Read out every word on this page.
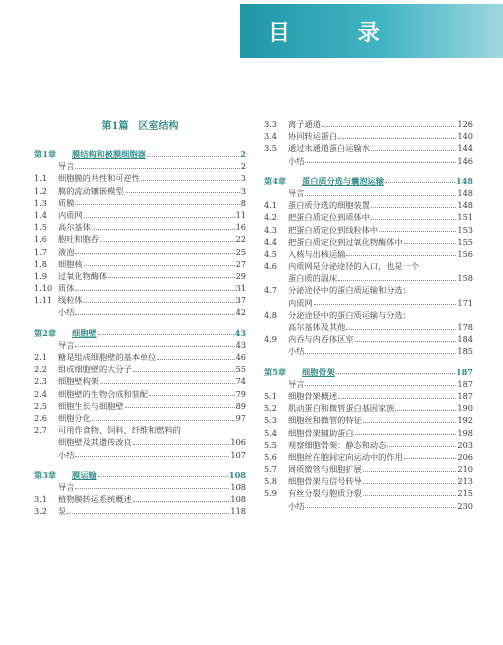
目 录
第1篇　区室结构
第1章	膜结构和被膜细胞器	2
导言	2
1.1	细胞膜的共性和可逆性	3
1.2	膜的流动镶嵌模型	3
1.3	质膜	8
1.4	内质网	11
1.5	高尔基体	16
1.6	胞吐和胞吞	22
1.7	液泡	25
1.8	细胞核	27
1.9	过氧化物酶体	29
1.10 质体	31
1.11 线粒体	37
小结	42
第2章	细胞壁	43
导言	43
2.1	糖是组成细胞壁的基本单位	46
2.2	组成细胞壁的大分子	55
2.3	细胞壁构架	74
2.4	细胞壁的生物合成和装配	79
2.5	细胞生长与细胞壁	89
2.6	细胞分化	97
2.7	可用作食物、饲料、纤维和燃料的
细胞壁及其遗传改良	106
小结	107
第3章	膜运输	108
导言	108
3.1	植物膜转运系统概述	108
3.2	泵	118
3.3	离子通道	126
3.4	协同转运蛋白	140
3.5	通过水通道蛋白运输水	144
小结	146
第4章	蛋白质分选与囊泡运输	148
导言	148
4.1	蛋白质分选的细胞装置	148
4.2	把蛋白质定位到质体中	151
4.3	把蛋白质定位到线粒体中	153
4.4	把蛋白质定位到过氧化物酶体中	155
4.5	入核与出核运输	156
4.6	内质网是分泌途径的入口，也是一个
蛋白质的温床	158
4.7	分泌途径中的蛋白质运输和分选：
内质网	171
4.8	分泌途径中的蛋白质运输与分选：
高尔基体及其他	178
4.9	内吞与内吞体区室	184
小结	185
第5章	细胞骨架	187
导言	187
5.1	细胞骨架概述	187
5.2	肌动蛋白和微管蛋白基因家族	190
5.3	细胞丝和微管的特征	192
5.4	细胞骨架辅助蛋白	198
5.5	观察细胞骨架：静态和动态	203
5.6	细胞丝在胞间定向运动中的作用	206
5.7	周质微管与细胞扩展	210
5.8	细胞骨架与信号转导	213
5.9	有丝分裂与胞质分裂	215
小结	230
